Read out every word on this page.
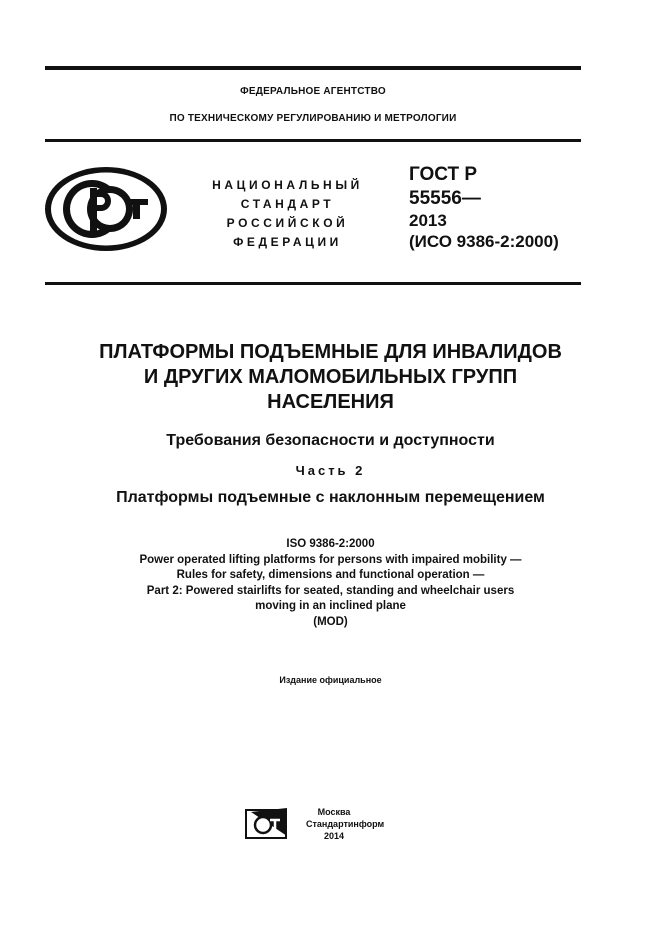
ФЕДЕРАЛЬНОЕ АГЕНТСТВО
ПО ТЕХНИЧЕСКОМУ РЕГУЛИРОВАНИЮ И МЕТРОЛОГИИ
НАЦИОНАЛЬНЫЙ
СТАНДАРТ
РОССИЙСКОЙ
ФЕДЕРАЦИИ
ГОСТ Р
55556—
2013
(ИСО 9386-2:2000)
ПЛАТФОРМЫ ПОДЪЕМНЫЕ ДЛЯ ИНВАЛИДОВ
И ДРУГИХ МАЛОМОБИЛЬНЫХ ГРУПП
НАСЕЛЕНИЯ
Требования безопасности и доступности
Часть 2
Платформы подъемные с наклонным перемещением
ISO 9386-2:2000
Power operated lifting platforms for persons with impaired mobility —
Rules for safety, dimensions and functional operation —
Part 2: Powered stairlifts for seated, standing and wheelchair users
moving in an inclined plane
(MOD)
Издание официальное
Москва
Стандартинформ
2014
